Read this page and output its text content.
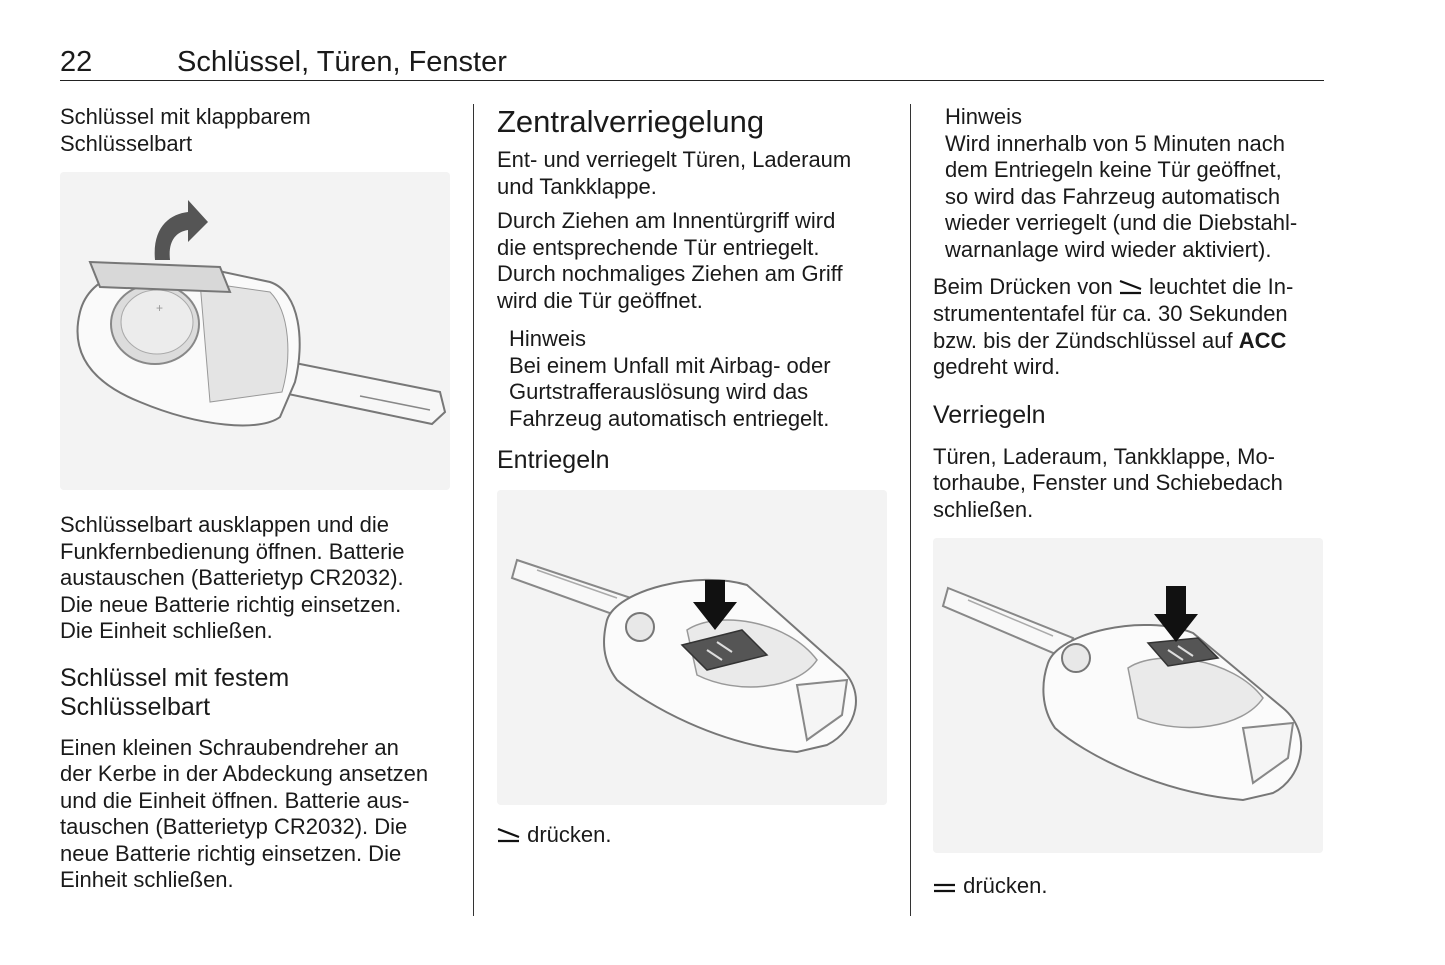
22	Schlüssel, Türen, Fenster
Schlüssel mit klappbarem
Schlüsselbart
+

Schlüsselbart ausklappen und die
Funkfernbedienung öffnen. Batterie
austauschen (Batterietyp CR2032).
Die neue Batterie richtig einsetzen.
Die Einheit schließen.

Schlüssel mit festem
Schlüsselbart

Einen kleinen Schraubendreher an
der Kerbe in der Abdeckung ansetzen
und die Einheit öffnen. Batterie aus-
tauschen (Batterietyp CR2032). Die
neue Batterie richtig einsetzen. Die
Einheit schließen.

Zentralverriegelung

Ent- und verriegelt Türen, Laderaum
und Tankklappe.

Durch Ziehen am Innentürgriff wird
die entsprechende Tür entriegelt.
Durch nochmaliges Ziehen am Griff
wird die Tür geöffnet.

Hinweis

Bei einem Unfall mit Airbag- oder
Gurtstrafferauslösung wird das
Fahrzeug automatisch entriegelt.

Entriegeln

drücken.

Hinweis

Wird innerhalb von 5 Minuten nach
dem Entriegeln keine Tür geöffnet,
so wird das Fahrzeug automatisch
wieder verriegelt (und die Diebstahl-
warnanlage wird wieder aktiviert).

Beim Drücken von leuchtet die In-
strumententafel für ca. 30 Sekunden
bzw. bis der Zündschlüssel auf ACC
gedreht wird.

Verriegeln

Türen, Laderaum, Tankklappe, Mo-
torhaube, Fenster und Schiebedach
schließen.

drücken.
